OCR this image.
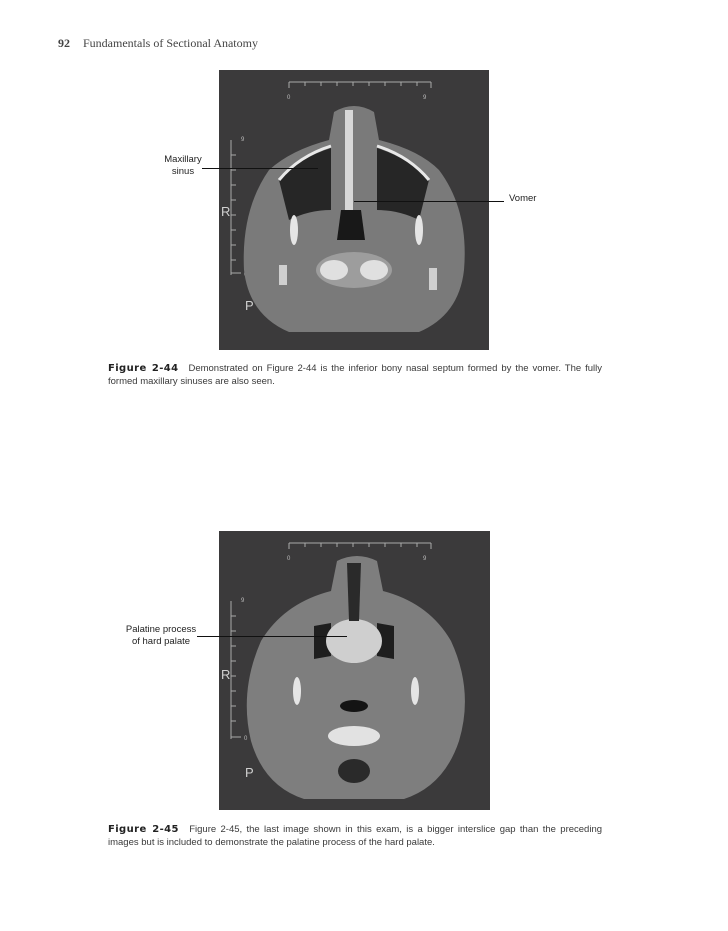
92 Fundamentals of Sectional Anatomy
0	9
9
R
P
Maxillary
sinus
Vomer
Figure 2-44 Demonstrated on Figure 2-44 is the inferior bony nasal septum formed by the vomer. The fully formed maxillary sinuses are also seen.
0	9
9
0
R
P
Palatine process
of hard palate
Figure 2-45 Figure 2-45, the last image shown in this exam, is a bigger interslice gap than the preceding images but is included to demonstrate the palatine process of the hard palate.
